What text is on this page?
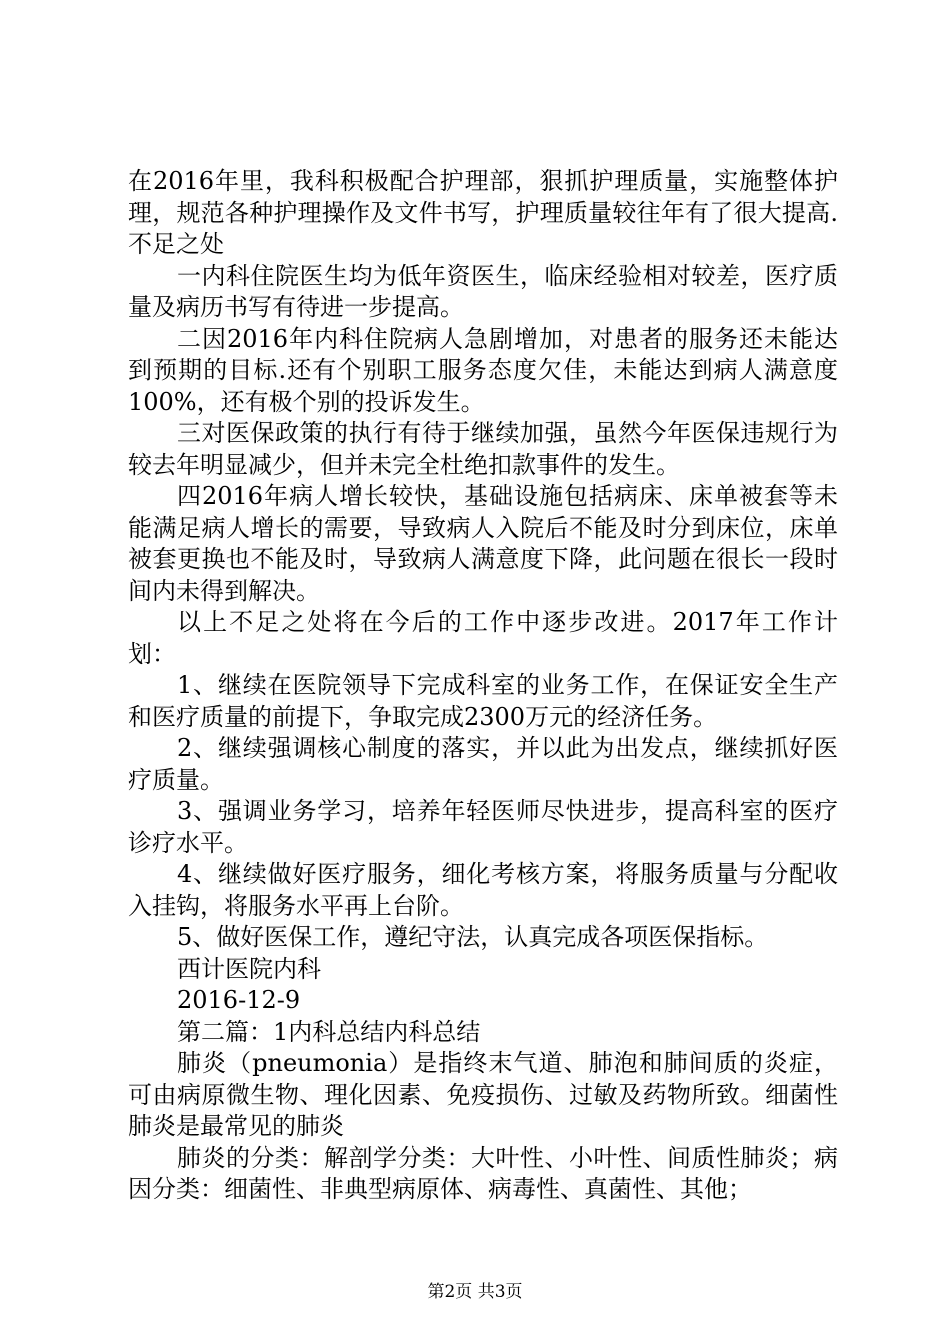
在2016年里，我科积极配合护理部，狠抓护理质量，实施整体护理，规范各种护理操作及文件书写，护理质量较往年有了很大提高.不足之处

一内科住院医生均为低年资医生，临床经验相对较差，医疗质量及病历书写有待进一步提高。

二因2016年内科住院病人急剧增加，对患者的服务还未能达到预期的目标.还有个别职工服务态度欠佳，未能达到病人满意度100%，还有极个别的投诉发生。

三对医保政策的执行有待于继续加强，虽然今年医保违规行为较去年明显减少，但并未完全杜绝扣款事件的发生。

四2016年病人增长较快，基础设施包括病床、床单被套等未能满足病人增长的需要，导致病人入院后不能及时分到床位，床单被套更换也不能及时，导致病人满意度下降，此问题在很长一段时间内未得到解决。

以上不足之处将在今后的工作中逐步改进。2017年工作计划：

1、继续在医院领导下完成科室的业务工作，在保证安全生产和医疗质量的前提下，争取完成2300万元的经济任务。

2、继续强调核心制度的落实，并以此为出发点，继续抓好医疗质量。

3、强调业务学习，培养年轻医师尽快进步，提高科室的医疗诊疗水平。

4、继续做好医疗服务，细化考核方案，将服务质量与分配收入挂钩，将服务水平再上台阶。

5、做好医保工作，遵纪守法，认真完成各项医保指标。

西计医院内科

2016-12-9

第二篇：1内科总结内科总结

肺炎（pneumonia）是指终末气道、肺泡和肺间质的炎症，可由病原微生物、理化因素、免疫损伤、过敏及药物所致。细菌性肺炎是最常见的肺炎

肺炎的分类：解剖学分类：大叶性、小叶性、间质性肺炎；病因分类：细菌性、非典型病原体、病毒性、真菌性、其他；

第2页 共3页
